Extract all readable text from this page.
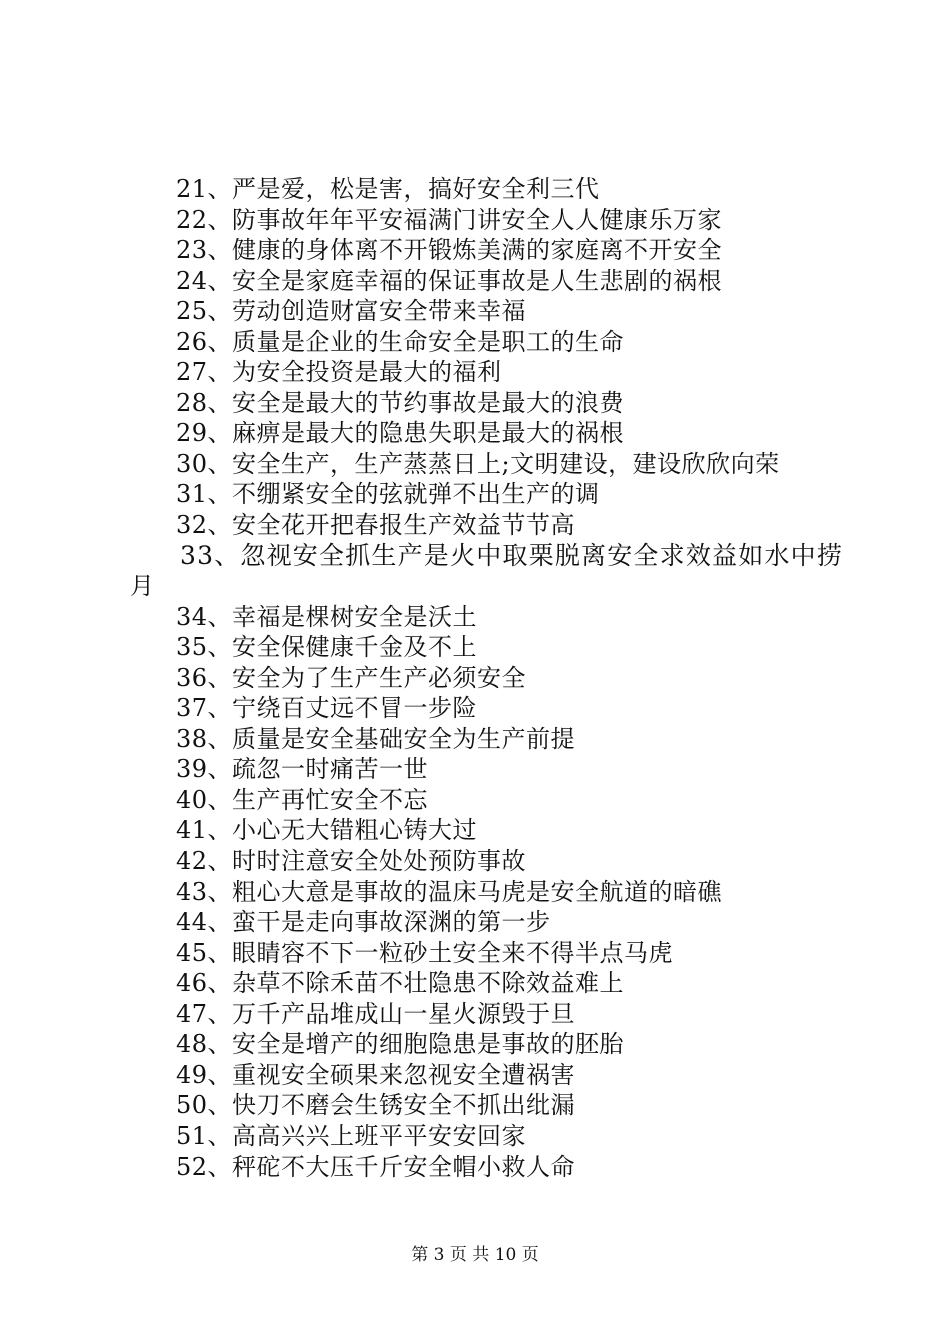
21、严是爱，松是害，搞好安全利三代
22、防事故年年平安福满门讲安全人人健康乐万家
23、健康的身体离不开锻炼美满的家庭离不开安全
24、安全是家庭幸福的保证事故是人生悲剧的祸根
25、劳动创造财富安全带来幸福
26、质量是企业的生命安全是职工的生命
27、为安全投资是最大的福利
28、安全是最大的节约事故是最大的浪费
29、麻痹是最大的隐患失职是最大的祸根
30、安全生产，生产蒸蒸日上;文明建设，建设欣欣向荣
31、不绷紧安全的弦就弹不出生产的调
32、安全花开把春报生产效益节节高
33、忽视安全抓生产是火中取栗脱离安全求效益如水中捞
月
34、幸福是棵树安全是沃土
35、安全保健康千金及不上
36、安全为了生产生产必须安全
37、宁绕百丈远不冒一步险
38、质量是安全基础安全为生产前提
39、疏忽一时痛苦一世
40、生产再忙安全不忘
41、小心无大错粗心铸大过
42、时时注意安全处处预防事故
43、粗心大意是事故的温床马虎是安全航道的暗礁
44、蛮干是走向事故深渊的第一步
45、眼睛容不下一粒砂土安全来不得半点马虎
46、杂草不除禾苗不壮隐患不除效益难上
47、万千产品堆成山一星火源毁于旦
48、安全是增产的细胞隐患是事故的胚胎
49、重视安全硕果来忽视安全遭祸害
50、快刀不磨会生锈安全不抓出纰漏
51、高高兴兴上班平平安安回家
52、秤砣不大压千斤安全帽小救人命
第 3 页 共 10 页
